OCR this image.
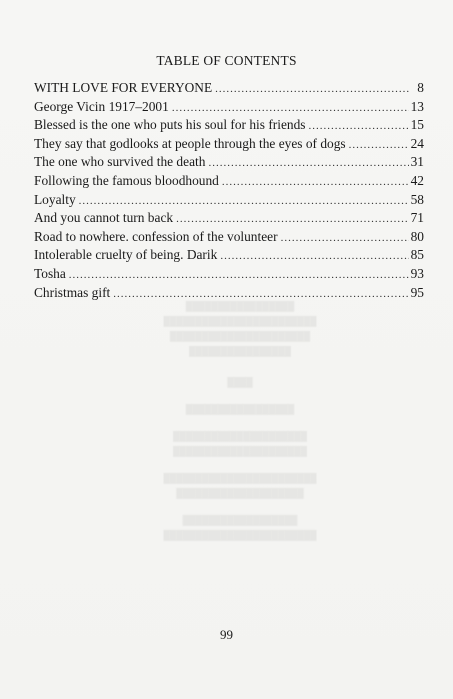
█████████████████
████████████████████████
██████████████████████
████████████████
████
█████████████████
█████████████████████
█████████████████████
████████████████████████
████████████████████
██████████████████
████████████████████████
TABLE OF CONTENTS
WITH LOVE FOR EVERYONE .....	8
George Vicin 1917–2001 .....	13
Blessed is the one who puts his soul for his friends .....	15
They say that godlooks at people through the eyes of dogs .....	24
The one who survived the death .....	31
Following the famous bloodhound .....	42
Loyalty .....	58
And you cannot turn back .....	71
Road to nowhere. confession of the volunteer .....	80
Intolerable cruelty of being. Darik .....	85
Tosha .....	93
Christmas gift .....	95
99
